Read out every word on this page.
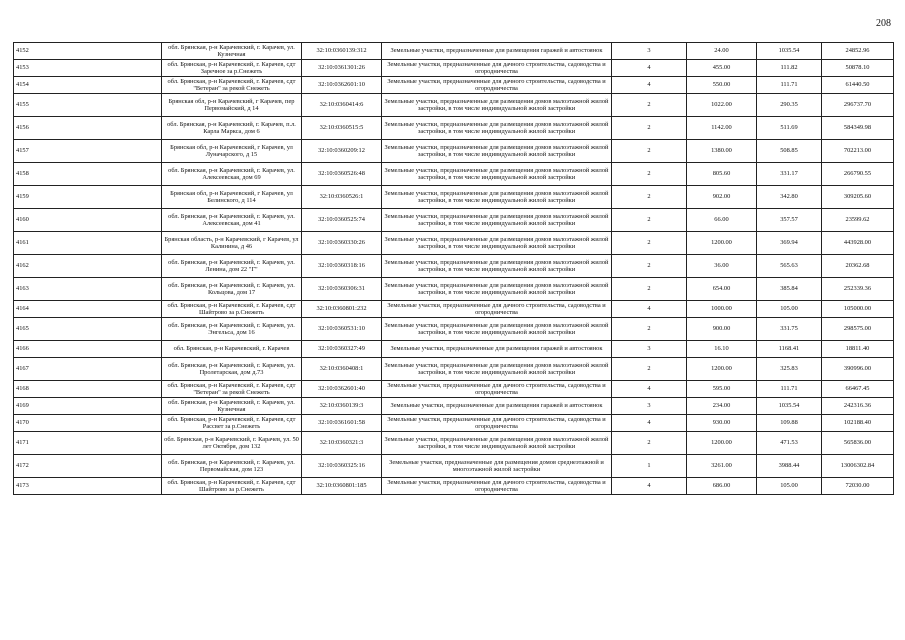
208
4152	обл. Брянская, р-н Карачевский, г. Карачев, ул. Кузнечная	32:10:0360139:312	Земельные участки, предназначенные для размещения гаражей и автостоянок	3	24.00	1035.54	24852.96
4153	обл. Брянская, р-н Карачевский, г. Карачев, сдт Заречное за р.Снежеть	32:10:0361301:26	Земельные участки, предназначенные для дачного строительства, садоводства и огородничества	4	455.00	111.82	50878.10
4154	обл. Брянская, р-н Карачевский, г. Карачев, сдт "Ветеран" за рекой Снежеть	32:10:0362601:10	Земельные участки, предназначенные для дачного строительства, садоводства и огородничества	4	550.00	111.71	61440.50
4155	Брянская обл, р-н Карачевский, г Карачев, пер Первомайский, д 14	32:10:0360414:6	Земельные участки, предназначенные для размещения домов малоэтажной жилой застройки, в том числе индивидуальной жилой застройки	2	1022.00	290.35	296737.70
4156	обл. Брянская, р-н Карачевский, г. Карачев, п.л. Карла Маркса, дом 6	32:10:0360515:5	Земельные участки, предназначенные для размещения домов малоэтажной жилой застройки, в том числе индивидуальной жилой застройки	2	1142.00	511.69	584349.98
4157	Брянская обл, р-н Карачевский, г Карачев, ул Луначарского, д 15	32:10:0360209:12	Земельные участки, предназначенные для размещения домов малоэтажной жилой застройки, в том числе индивидуальной жилой застройки	2	1380.00	508.85	702213.00
4158	обл. Брянская, р-н Карачевский, г. Карачев, ул. Алексеевская, дом 69	32:10:0360526:48	Земельные участки, предназначенные для размещения домов малоэтажной жилой застройки, в том числе индивидуальной жилой застройки	2	805.60	331.17	266790.55
4159	Брянская обл, р-н Карачевский, г Карачев, ул Белинского, д 114	32:10:0360526:1	Земельные участки, предназначенные для размещения домов малоэтажной жилой застройки, в том числе индивидуальной жилой застройки	2	902.00	342.80	309205.60
4160	обл. Брянская, р-н Карачевский, г. Карачев, ул. Алексеевская, дом 41	32:10:0360525:74	Земельные участки, предназначенные для размещения домов малоэтажной жилой застройки, в том числе индивидуальной жилой застройки	2	66.00	357.57	23599.62
4161	Брянская область, р-н Карачевский, г Карачев, ул Калинина, д 46	32:10:0360330:26	Земельные участки, предназначенные для размещения домов малоэтажной жилой застройки, в том числе индивидуальной жилой застройки	2	1200.00	369.94	443928.00
4162	обл. Брянская, р-н Карачевский, г. Карачев, ул. Ленина, дом 22 "Г"	32:10:0360318:16	Земельные участки, предназначенные для размещения домов малоэтажной жилой застройки, в том числе индивидуальной жилой застройки	2	36.00	565.63	20362.68
4163	обл. Брянская, р-н Карачевский, г. Карачев, ул. Кольцова, дом 17	32:10:0360306:31	Земельные участки, предназначенные для размещения домов малоэтажной жилой застройки, в том числе индивидуальной жилой застройки	2	654.00	385.84	252339.36
4164	обл. Брянская, р-н Карачевский, г. Карачев, сдт Шайтрово за р.Снежеть	32:10:0360801:232	Земельные участки, предназначенные для дачного строительства, садоводства и огородничества	4	1000.00	105.00	105000.00
4165	обл. Брянская, р-н Карачевский, г. Карачев, ул. Энгельса, дом 16	32:10:0360531:10	Земельные участки, предназначенные для размещения домов малоэтажной жилой застройки, в том числе индивидуальной жилой застройки	2	900.00	331.75	298575.00
4166	обл. Брянская, р-н Карачевский, г. Карачев	32:10:0360327:49	Земельные участки, предназначенные для размещения гаражей и автостоянок	3	16.10	1168.41	18811.40
4167	обл. Брянская, р-н Карачевский, г. Карачев, ул. Пролетарская, дом д.73	32:10:0360408:1	Земельные участки, предназначенные для размещения домов малоэтажной жилой застройки, в том числе индивидуальной жилой застройки	2	1200.00	325.83	390996.00
4168	обл. Брянская, р-н Карачевский, г. Карачев, сдт "Ветеран" за рекой Снежеть	32:10:0362601:40	Земельные участки, предназначенные для дачного строительства, садоводства и огородничества	4	595.00	111.71	66467.45
4169	обл. Брянская, р-н Карачевский, г. Карачев, ул. Кузнечная	32:10:0360139:3	Земельные участки, предназначенные для размещения гаражей и автостоянок	3	234.00	1035.54	242316.36
4170	обл. Брянская, р-н Карачевский, г. Карачев, сдт Рассвет за р.Снежеть	32:10:0361601:58	Земельные участки, предназначенные для дачного строительства, садоводства и огородничества	4	930.00	109.88	102188.40
4171	обл. Брянская, р-н Карачевский, г. Карачев, ул. 50 лет Октября, дом 132	32:10:0360321:3	Земельные участки, предназначенные для размещения домов малоэтажной жилой застройки, в том числе индивидуальной жилой застройки	2	1200.00	471.53	565836.00
4172	обл. Брянская, р-н Карачевский, г. Карачев, ул. Первомайская, дом 123	32:10:0360325:16	Земельные участки, предназначенные для размещения домов среднеэтажной и многоэтажной жилой застройки	1	3261.00	3988.44	13006302.84
4173	обл. Брянская, р-н Карачевский, г. Карачев, сдт Шайтрово за р.Снежеть	32:10:0360801:185	Земельные участки, предназначенные для дачного строительства, садоводства и огородничества	4	686.00	105.00	72030.00
